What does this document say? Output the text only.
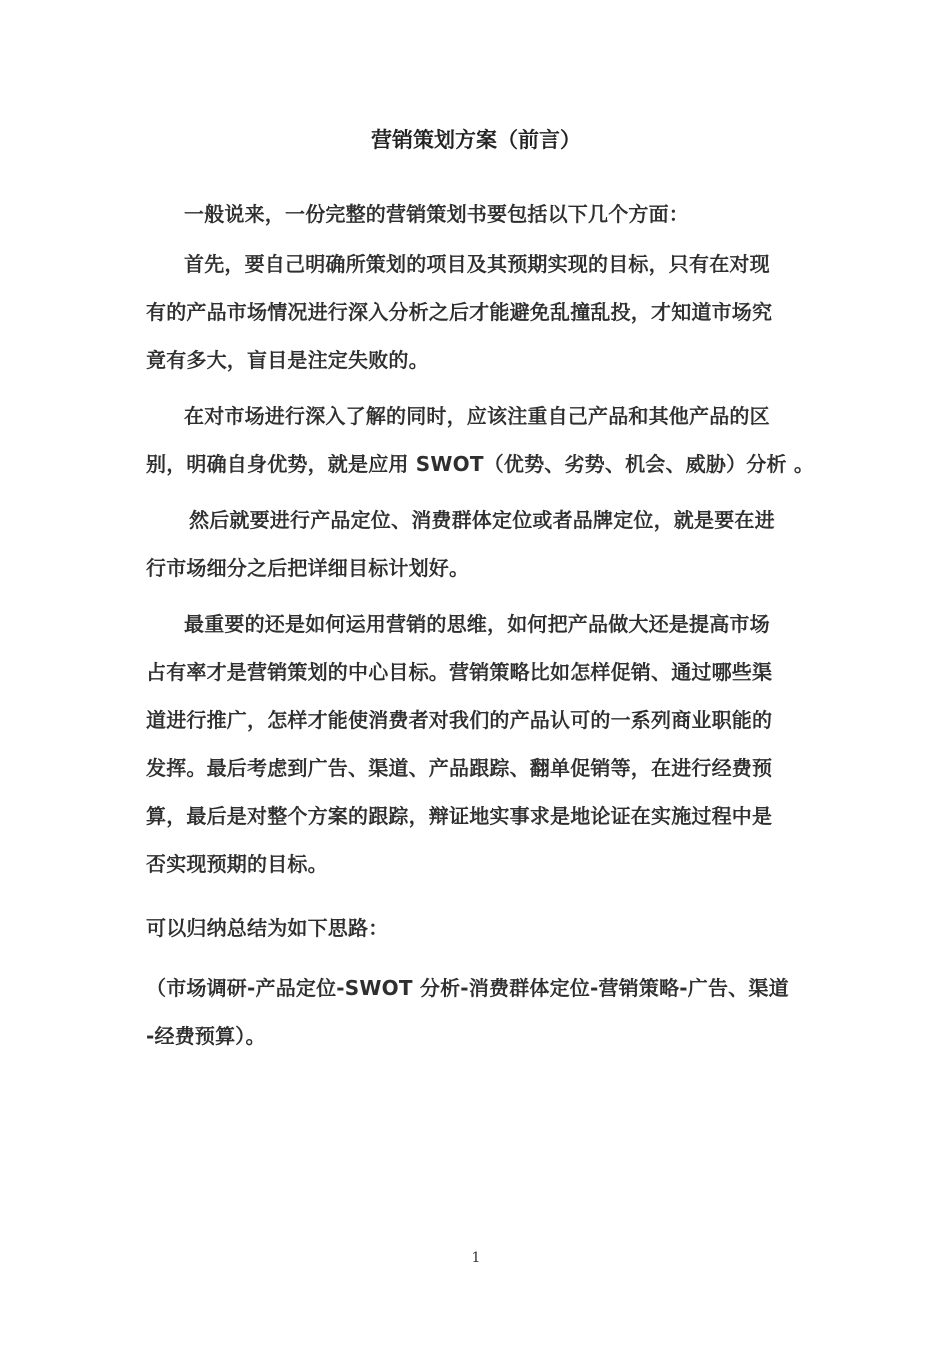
营销策划方案（前言）
一般说来，一份完整的营销策划书要包括以下几个方面：
首先，要自己明确所策划的项目及其预期实现的目标，只有在对现
有的产品市场情况进行深入分析之后才能避免乱撞乱投，才知道市场究
竟有多大，盲目是注定失败的。
在对市场进行深入了解的同时，应该注重自己产品和其他产品的区
别，明确自身优势，就是应用 SWOT（优势、劣势、机会、威胁）分析 。
然后就要进行产品定位、消费群体定位或者品牌定位，就是要在进
行市场细分之后把详细目标计划好。
最重要的还是如何运用营销的思维，如何把产品做大还是提高市场
占有率才是营销策划的中心目标。营销策略比如怎样促销、通过哪些渠
道进行推广，怎样才能使消费者对我们的产品认可的一系列商业职能的
发挥。最后考虑到广告、渠道、产品跟踪、翻单促销等，在进行经费预
算，最后是对整个方案的跟踪，辩证地实事求是地论证在实施过程中是
否实现预期的目标。
可以归纳总结为如下思路：
（市场调研-产品定位-SWOT 分析-消费群体定位-营销策略-广告、渠道
-经费预算）。
1
